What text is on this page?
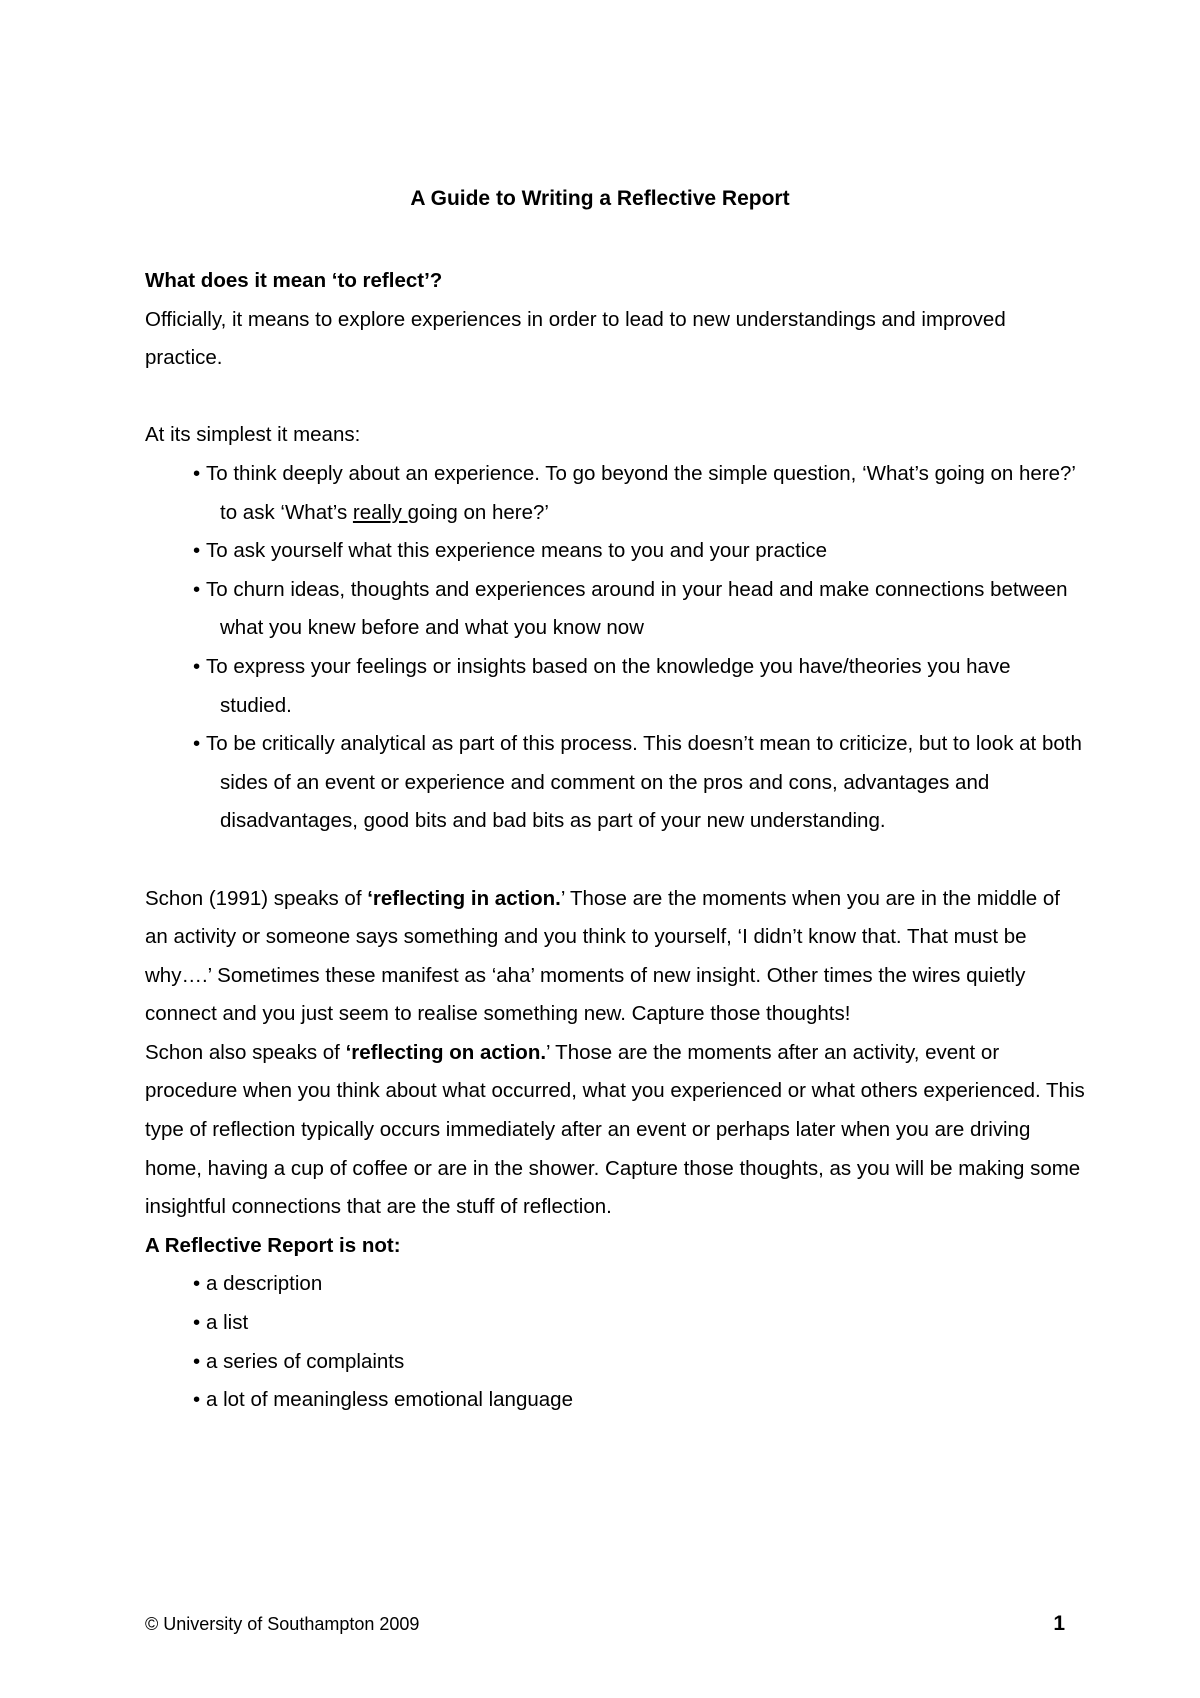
A Guide to Writing a Reflective Report

What does it mean ‘to reflect’?

Officially, it means to explore experiences in order to lead to new understandings and improved practice.

At its simplest it means:

• To think deeply about an experience. To go beyond the simple question, ‘What’s going on here?’ to ask ‘What’s really going on here?’
• To ask yourself what this experience means to you and your practice
• To churn ideas, thoughts and experiences around in your head and make connections between what you knew before and what you know now
• To express your feelings or insights based on the knowledge you have/theories you have studied.
• To be critically analytical as part of this process. This doesn’t mean to criticize, but to look at both sides of an event or experience and comment on the pros and cons, advantages and disadvantages, good bits and bad bits as part of your new understanding.

Schon (1991) speaks of ‘reflecting in action.’ Those are the moments when you are in the middle of an activity or someone says something and you think to yourself, ‘I didn’t know that. That must be why….’ Sometimes these manifest as ‘aha’ moments of new insight. Other times the wires quietly connect and you just seem to realise something new. Capture those thoughts!

Schon also speaks of ‘reflecting on action.’ Those are the moments after an activity, event or procedure when you think about what occurred, what you experienced or what others experienced. This type of reflection typically occurs immediately after an event or perhaps later when you are driving home, having a cup of coffee or are in the shower. Capture those thoughts, as you will be making some insightful connections that are the stuff of reflection.

A Reflective Report is not:

• a description
• a list
• a series of complaints
• a lot of meaningless emotional language
© University of Southampton 2009	1
